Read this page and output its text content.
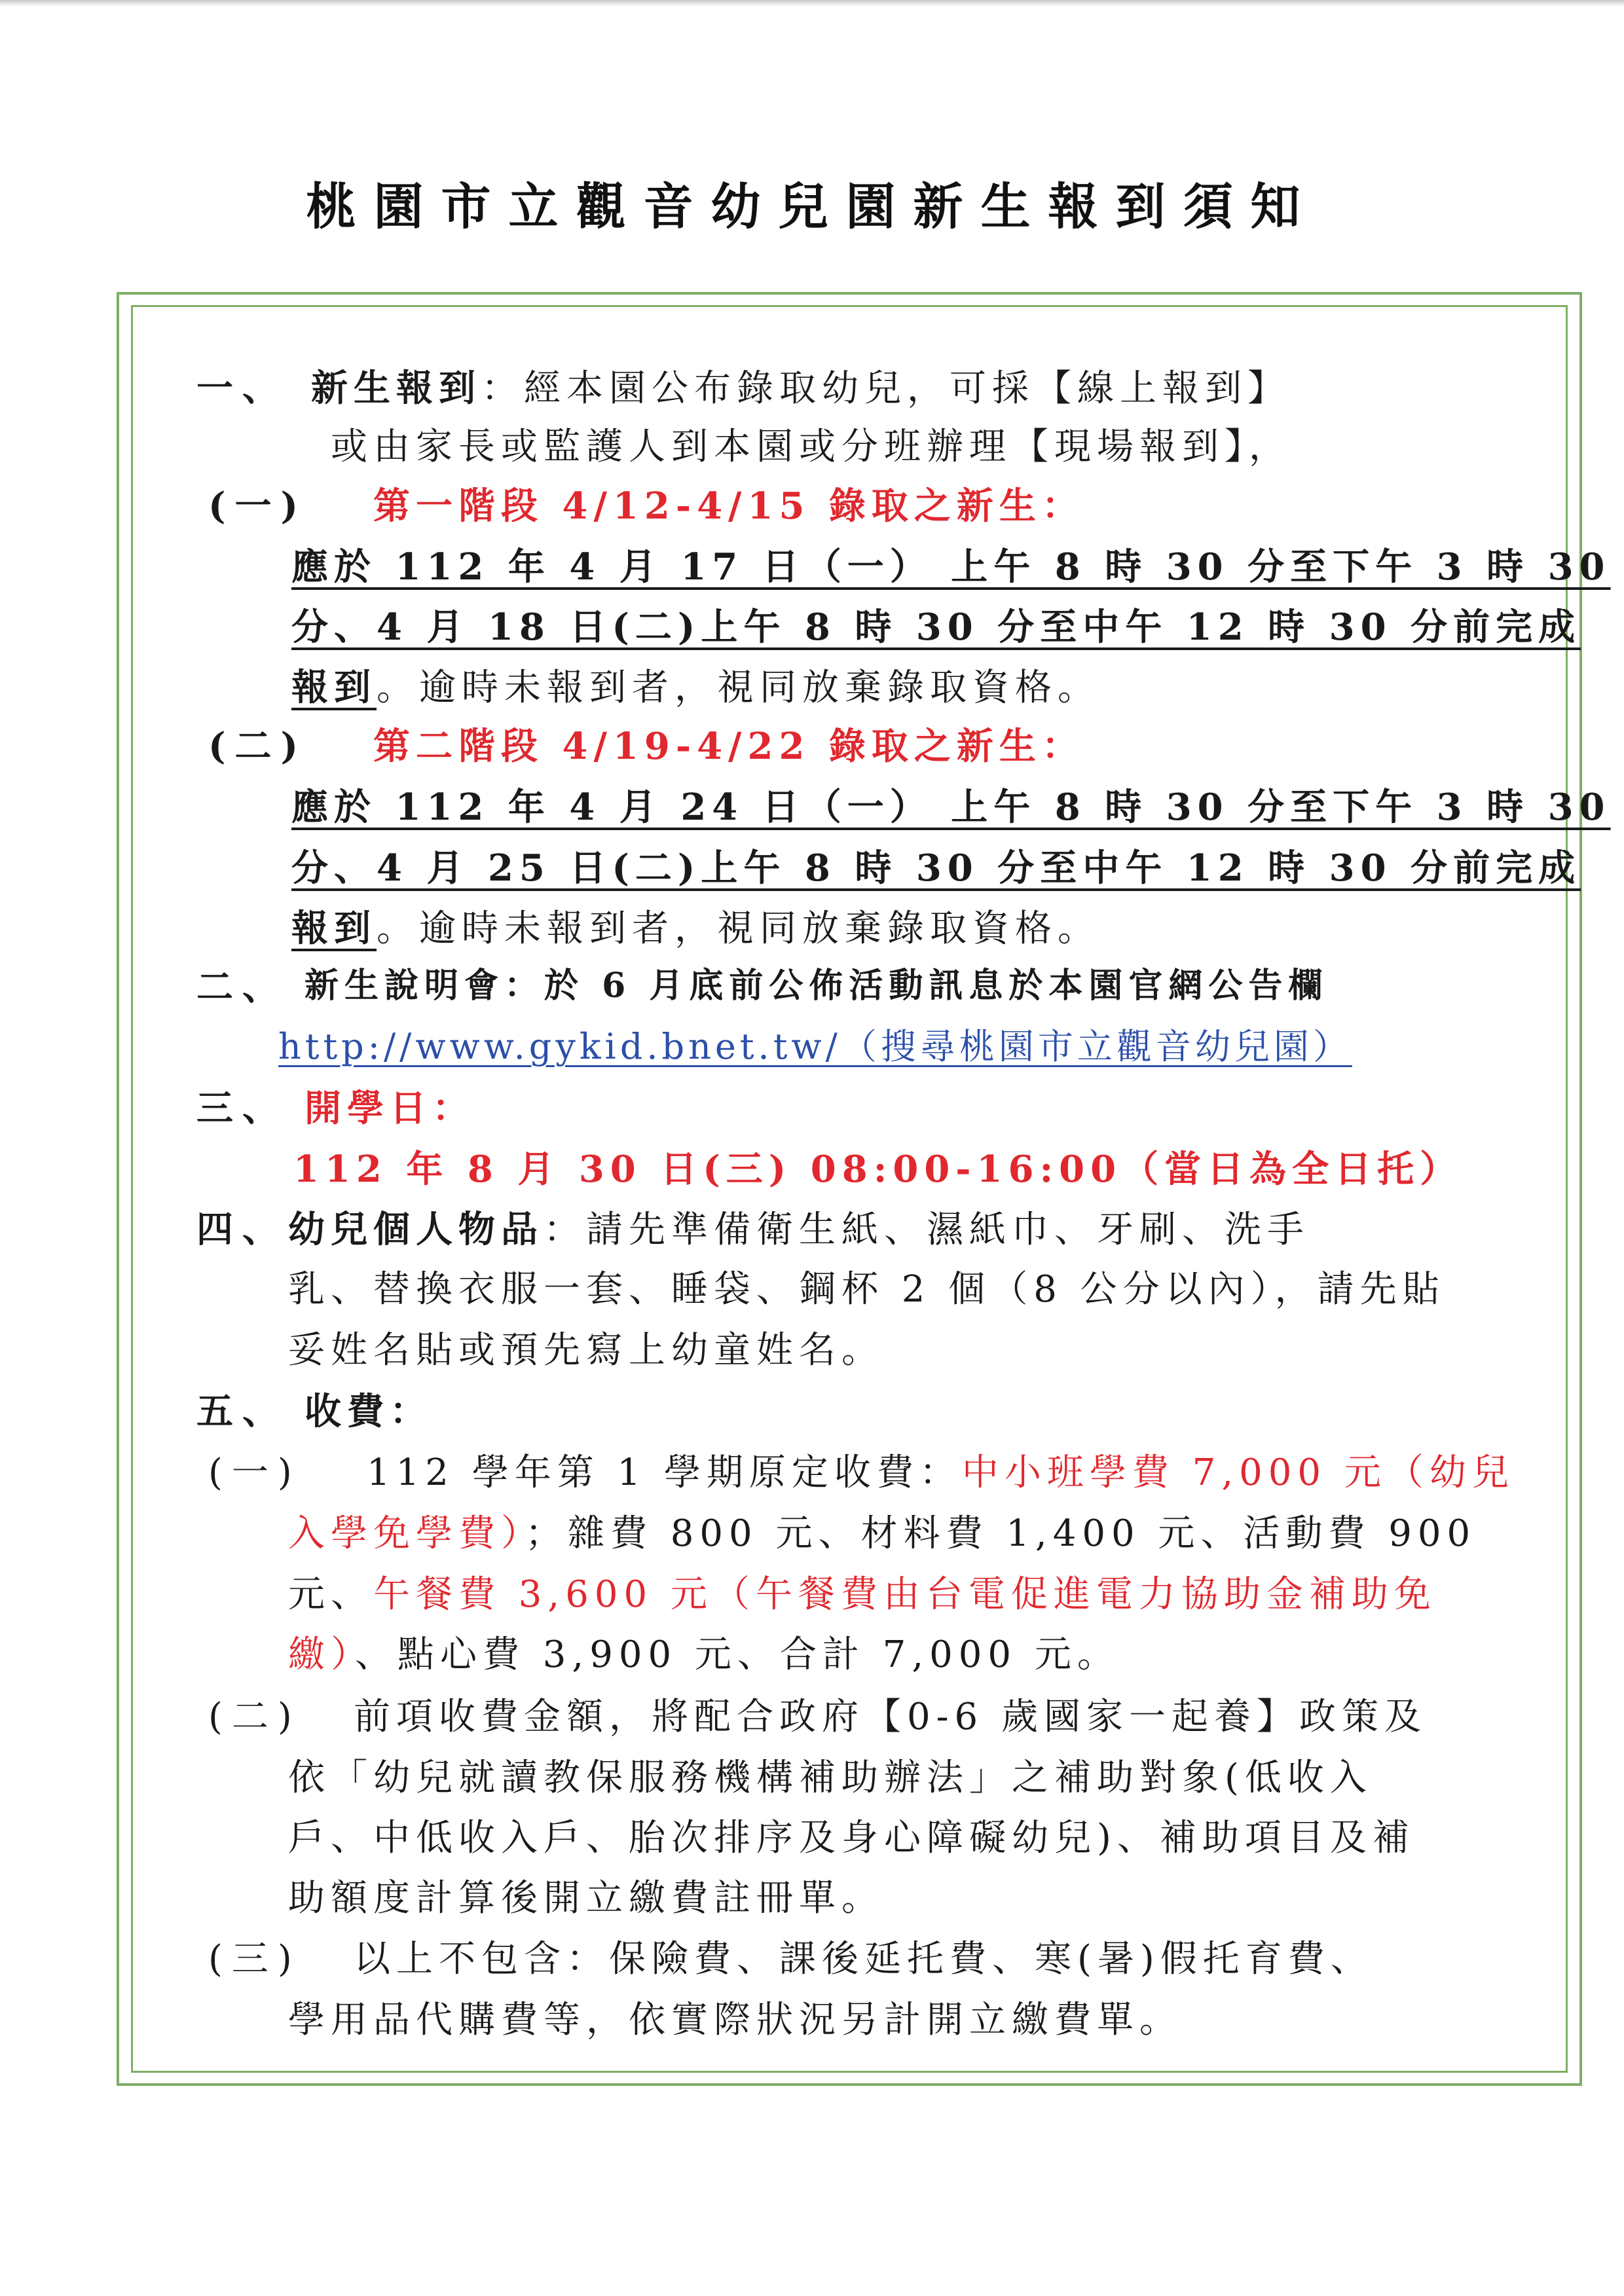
桃園市立觀音幼兒園新生報到須知
一、 新生報到：經本園公布錄取幼兒，可採【線上報到】
或由家長或監護人到本園或分班辦理【現場報到】，
(一) 第一階段 4/12-4/15 錄取之新生：
應於 112 年 4 月 17 日（一） 上午 8 時 30 分至下午 3 時 30
分、4 月 18 日(二)上午 8 時 30 分至中午 12 時 30 分前完成
報到。逾時未報到者，視同放棄錄取資格。
(二) 第二階段 4/19-4/22 錄取之新生：
應於 112 年 4 月 24 日（一） 上午 8 時 30 分至下午 3 時 30
分、4 月 25 日(二)上午 8 時 30 分至中午 12 時 30 分前完成
報到。逾時未報到者，視同放棄錄取資格。
二、 新生說明會：於 6 月底前公佈活動訊息於本園官網公告欄
http://www.gykid.bnet.tw/（搜尋桃園市立觀音幼兒園）
三、 開學日：
112 年 8 月 30 日(三) 08:00-16:00（當日為全日托）
四、 幼兒個人物品：請先準備衛生紙、濕紙巾、牙刷、洗手
乳、替換衣服一套、睡袋、鋼杯 2 個（8 公分以內），請先貼
妥姓名貼或預先寫上幼童姓名。
五、 收費：
(一) 112 學年第 1 學期原定收費：中小班學費 7,000 元（幼兒
入學免學費）；雜費 800 元、材料費 1,400 元、活動費 900
元、午餐費 3,600 元（午餐費由台電促進電力協助金補助免
繳）、點心費 3,900 元、合計 7,000 元。
(二) 前項收費金額，將配合政府【0-6 歲國家一起養】政策及
依「幼兒就讀教保服務機構補助辦法」之補助對象(低收入
戶、中低收入戶、胎次排序及身心障礙幼兒)、補助項目及補
助額度計算後開立繳費註冊單。
(三) 以上不包含：保險費、課後延托費、寒(暑)假托育費、
學用品代購費等，依實際狀況另計開立繳費單。
